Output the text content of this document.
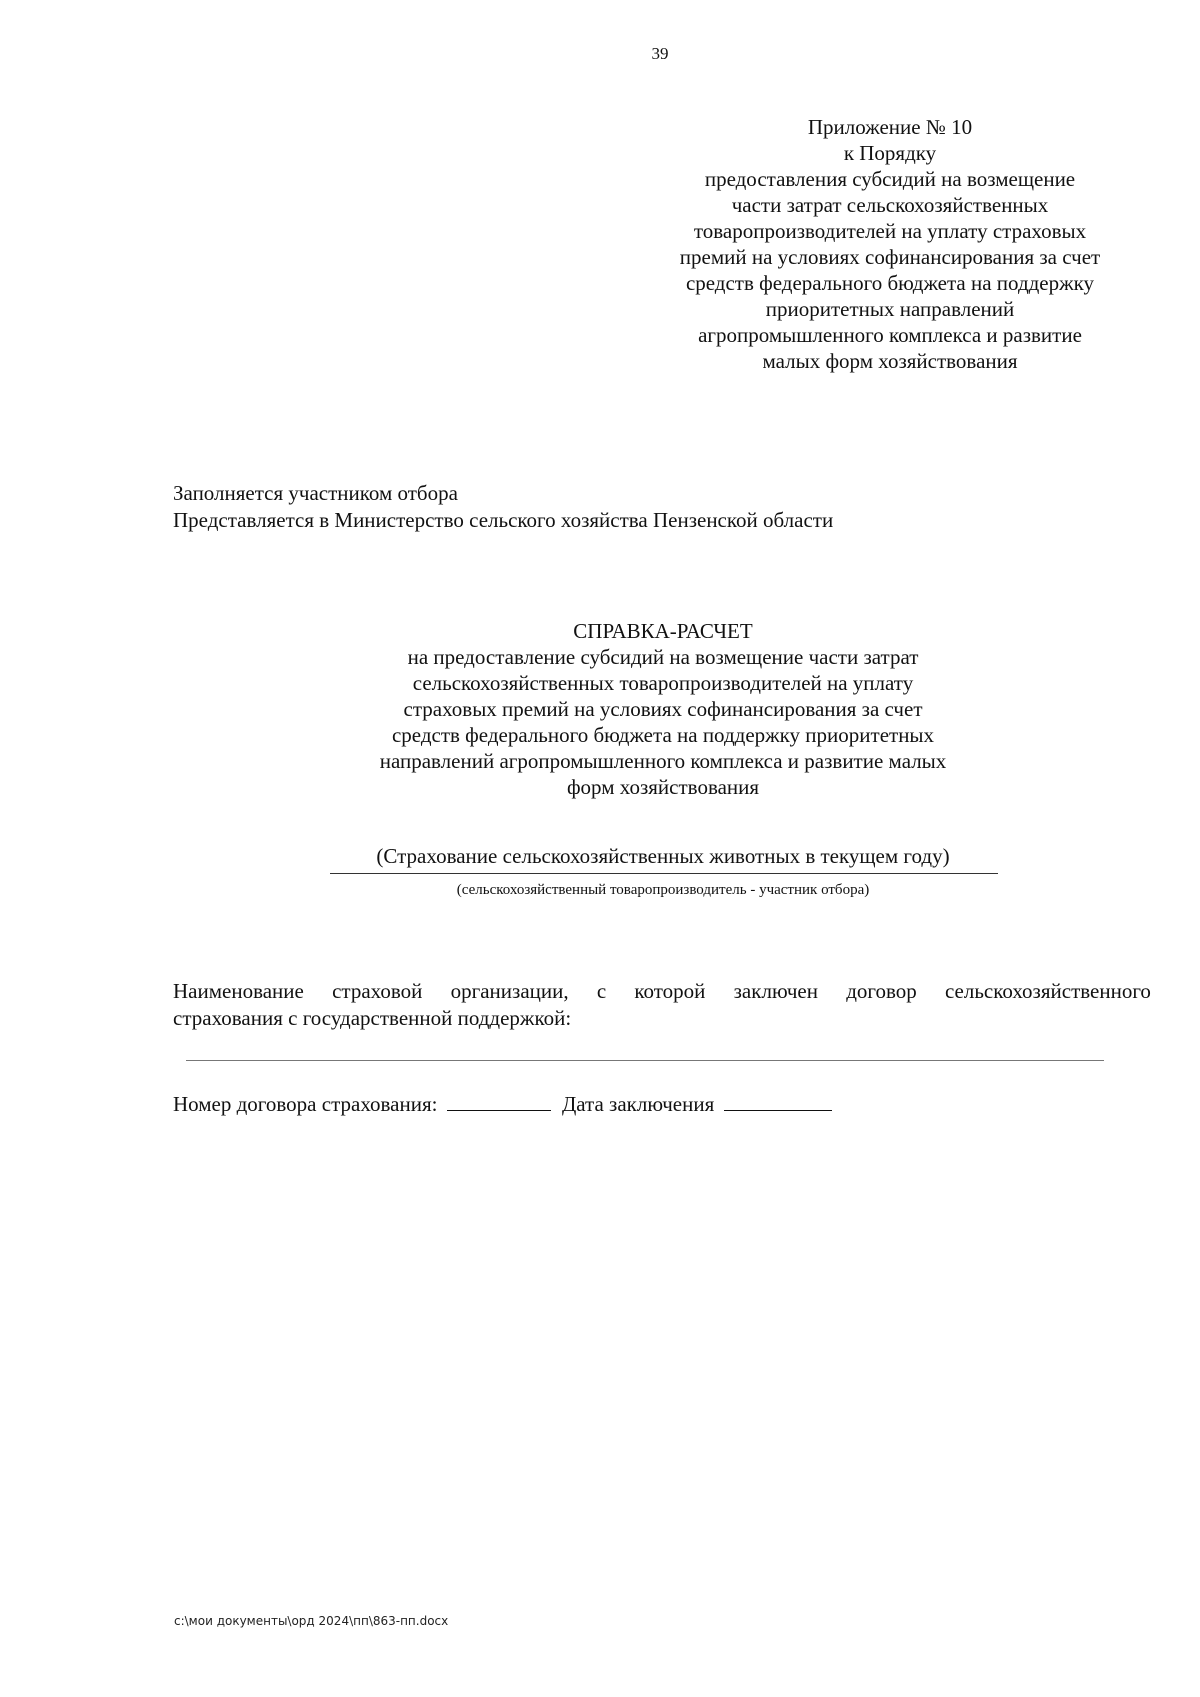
39
Приложение № 10
к Порядку
предоставления субсидий на возмещение
части затрат сельскохозяйственных
товаропроизводителей на уплату страховых
премий на условиях софинансирования за счет
средств федерального бюджета на поддержку
приоритетных направлений
агропромышленного комплекса и развитие
малых форм хозяйствования
Заполняется участником отбора
Представляется в Министерство сельского хозяйства Пензенской области
СПРАВКА-РАСЧЕТ
на предоставление субсидий на возмещение части затрат
сельскохозяйственных товаропроизводителей на уплату
страховых премий на условиях софинансирования за счет
средств федерального бюджета на поддержку приоритетных
направлений агропромышленного комплекса и развитие малых
форм хозяйствования
(Страхование сельскохозяйственных животных в текущем году)
(сельскохозяйственный товаропроизводитель - участник отбора)
Наименование страховой организации, с которой заключен договор сельскохозяйственного
страхования с государственной поддержкой:
Номер договора страхования:	Дата заключения
c:\мои документы\орд 2024\пп\863-пп.docx
